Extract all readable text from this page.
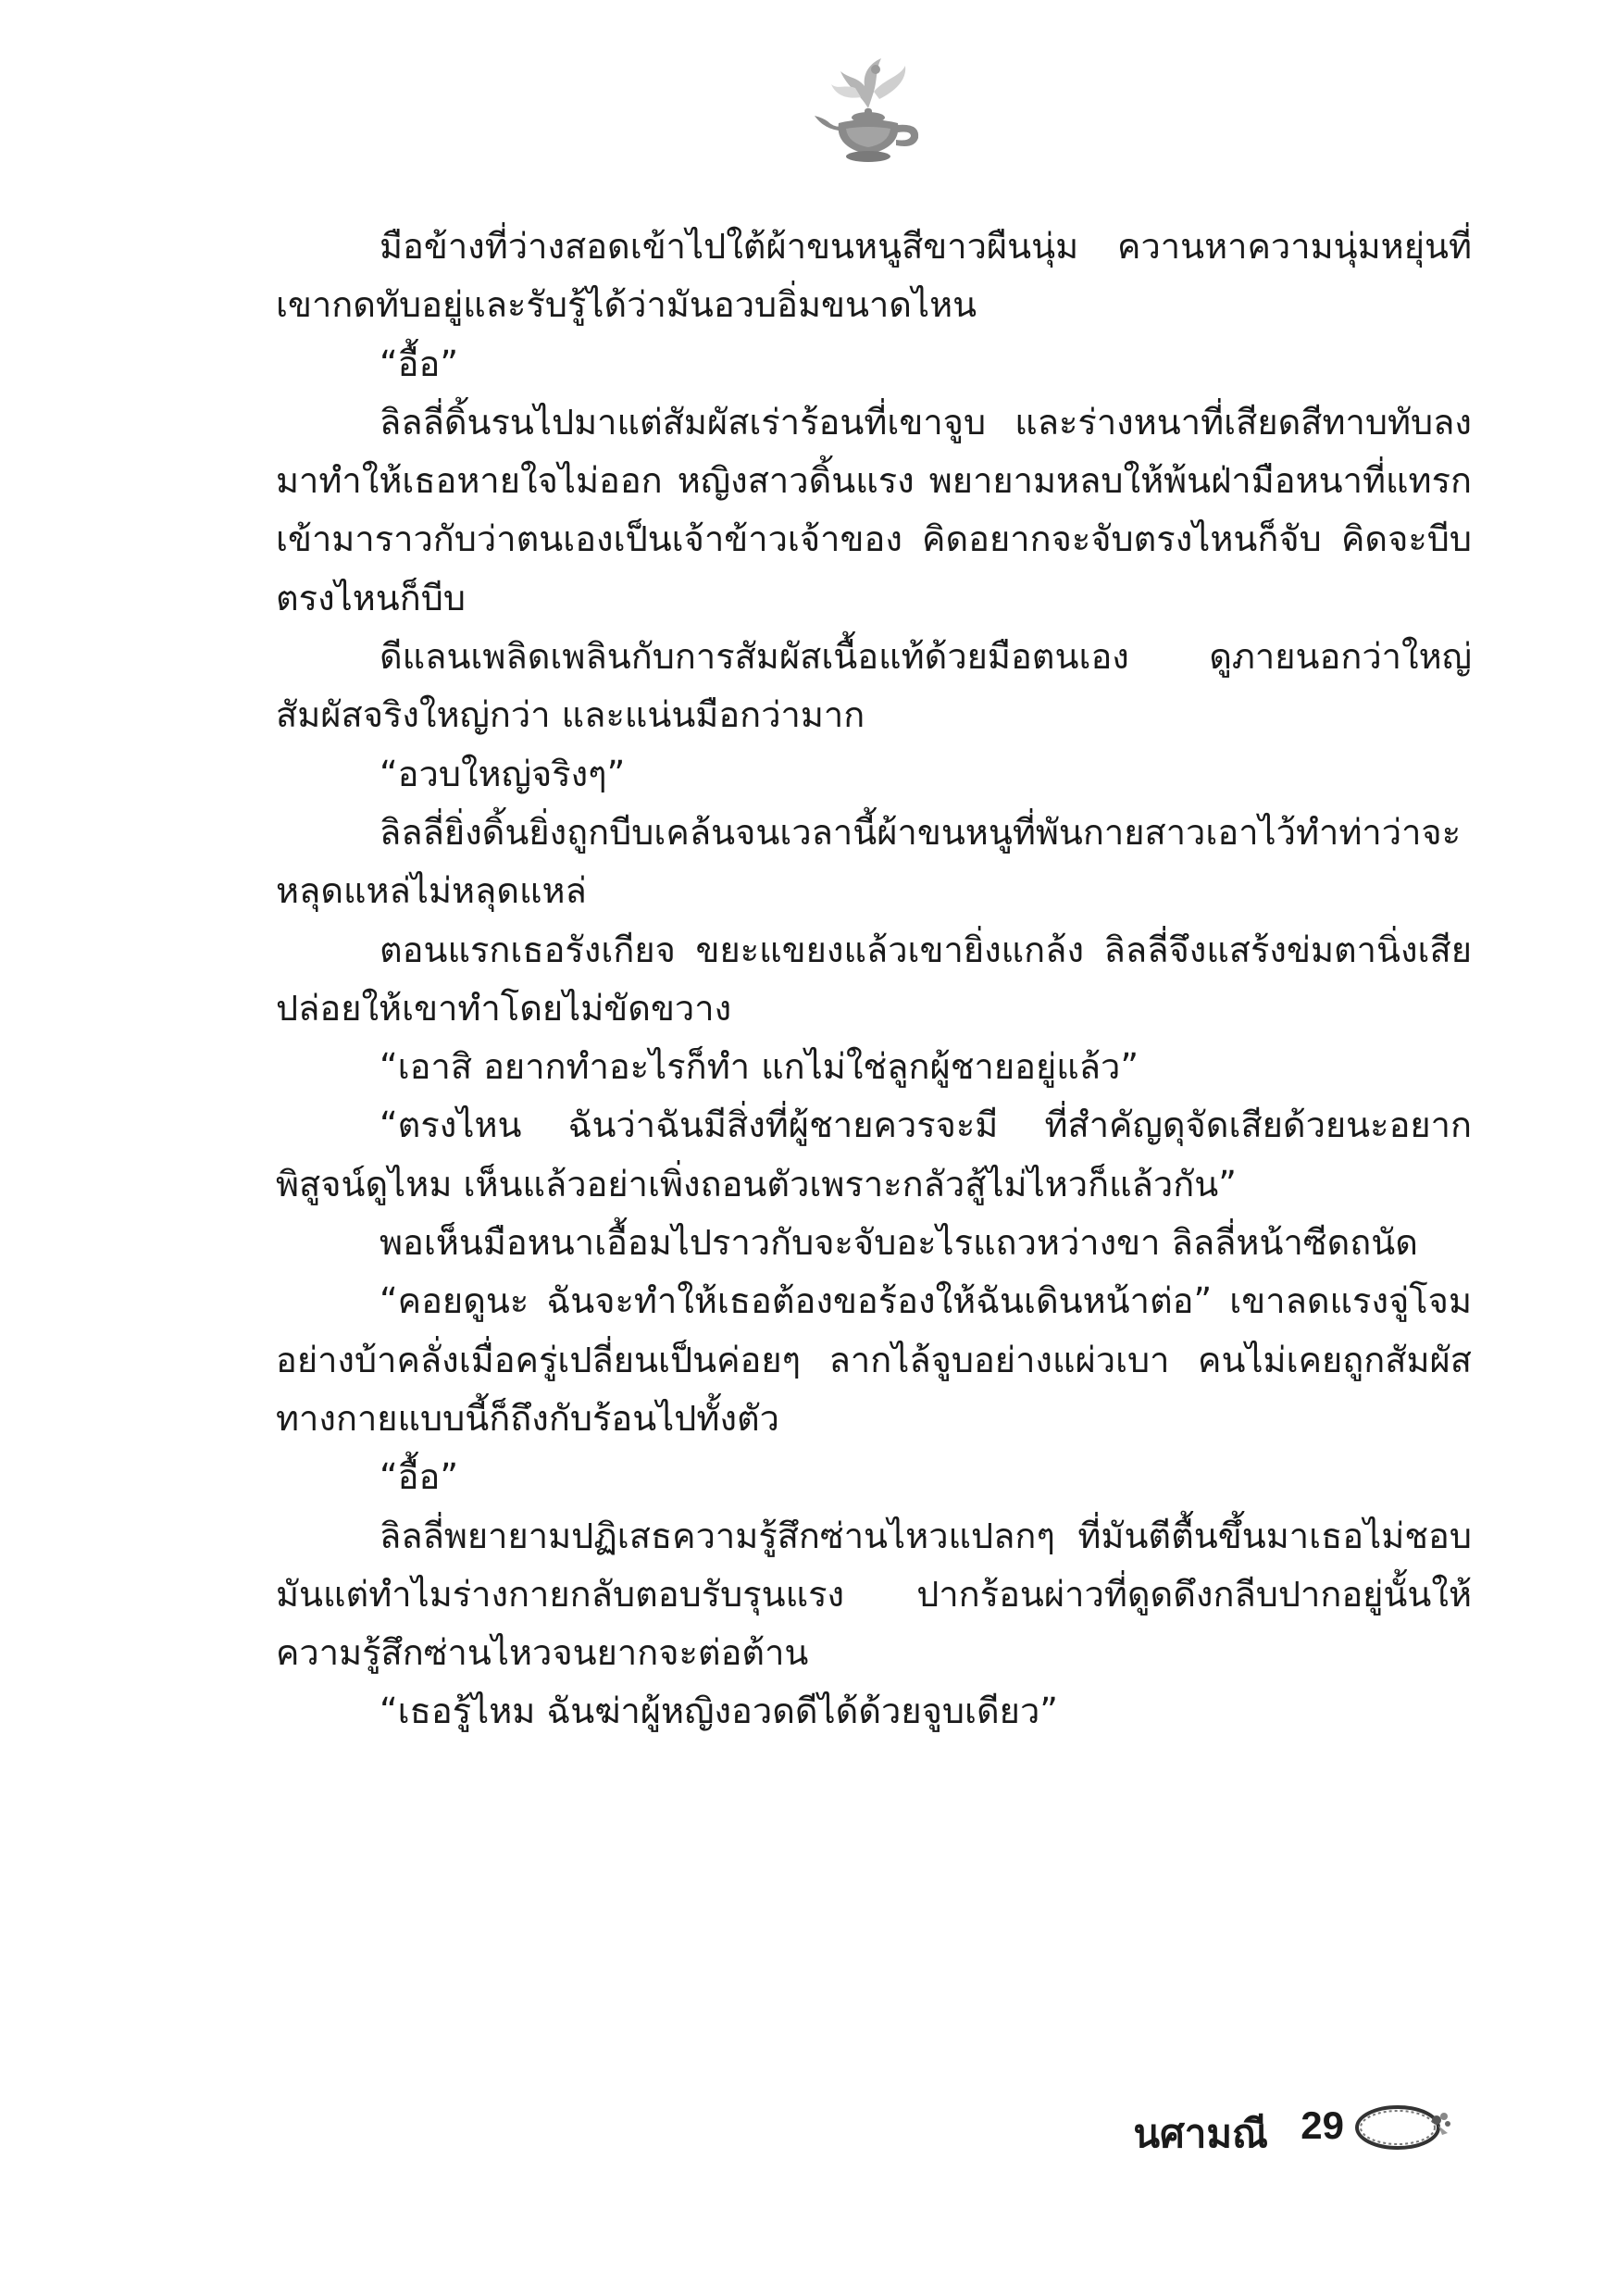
มือข้างที่ว่างสอดเข้าไปใต้ผ้าขนหนูสีขาวผืนนุ่ม ควานหาความนุ่มหยุ่นที่เขากดทับอยู่และรับรู้ได้ว่ามันอวบอิ่มขนาดไหน

“อื้อ”

ลิลลี่ดิ้นรนไปมาแต่สัมผัสเร่าร้อนที่เขาจูบ และร่างหนาที่เสียดสีทาบทับลงมาทำให้เธอหายใจไม่ออก หญิงสาวดิ้นแรง พยายามหลบให้พ้นฝ่ามือหนาที่แทรกเข้ามาราวกับว่าตนเองเป็นเจ้าข้าวเจ้าของ คิดอยากจะจับตรงไหนก็จับ คิดจะบีบตรงไหนก็บีบ

ดีแลนเพลิดเพลินกับการสัมผัสเนื้อแท้ด้วยมือตนเอง ดูภายนอกว่าใหญ่สัมผัสจริงใหญ่กว่า และแน่นมือกว่ามาก

“อวบใหญ่จริงๆ”

ลิลลี่ยิ่งดิ้นยิ่งถูกบีบเคล้นจนเวลานี้ผ้าขนหนูที่พันกายสาวเอาไว้ทำท่าว่าจะหลุดแหล่ไม่หลุดแหล่

ตอนแรกเธอรังเกียจ ขยะแขยงแล้วเขายิ่งแกล้ง ลิลลี่จึงแสร้งข่มตานิ่งเสียปล่อยให้เขาทำโดยไม่ขัดขวาง

“เอาสิ อยากทำอะไรก็ทำ แกไม่ใช่ลูกผู้ชายอยู่แล้ว”

“ตรงไหน ฉันว่าฉันมีสิ่งที่ผู้ชายควรจะมี ที่สำคัญดุจัดเสียด้วยนะอยากพิสูจน์ดูไหม เห็นแล้วอย่าเพิ่งถอนตัวเพราะกลัวสู้ไม่ไหวก็แล้วกัน”

พอเห็นมือหนาเอื้อมไปราวกับจะจับอะไรแถวหว่างขา ลิลลี่หน้าซีดถนัด

“คอยดูนะ ฉันจะทำให้เธอต้องขอร้องให้ฉันเดินหน้าต่อ” เขาลดแรงจู่โจมอย่างบ้าคลั่งเมื่อครู่เปลี่ยนเป็นค่อยๆ ลากไล้จูบอย่างแผ่วเบา คนไม่เคยถูกสัมผัสทางกายแบบนี้ก็ถึงกับร้อนไปทั้งตัว

“อื้อ”

ลิลลี่พยายามปฏิเสธความรู้สึกซ่านไหวแปลกๆ ที่มันตีตื้นขึ้นมาเธอไม่ชอบมันแต่ทำไมร่างกายกลับตอบรับรุนแรง ปากร้อนผ่าวที่ดูดดึงกลีบปากอยู่นั้นให้ความรู้สึกซ่านไหวจนยากจะต่อต้าน

“เธอรู้ไหม ฉันฆ่าผู้หญิงอวดดีได้ด้วยจูบเดียว”

นศามณี 29
